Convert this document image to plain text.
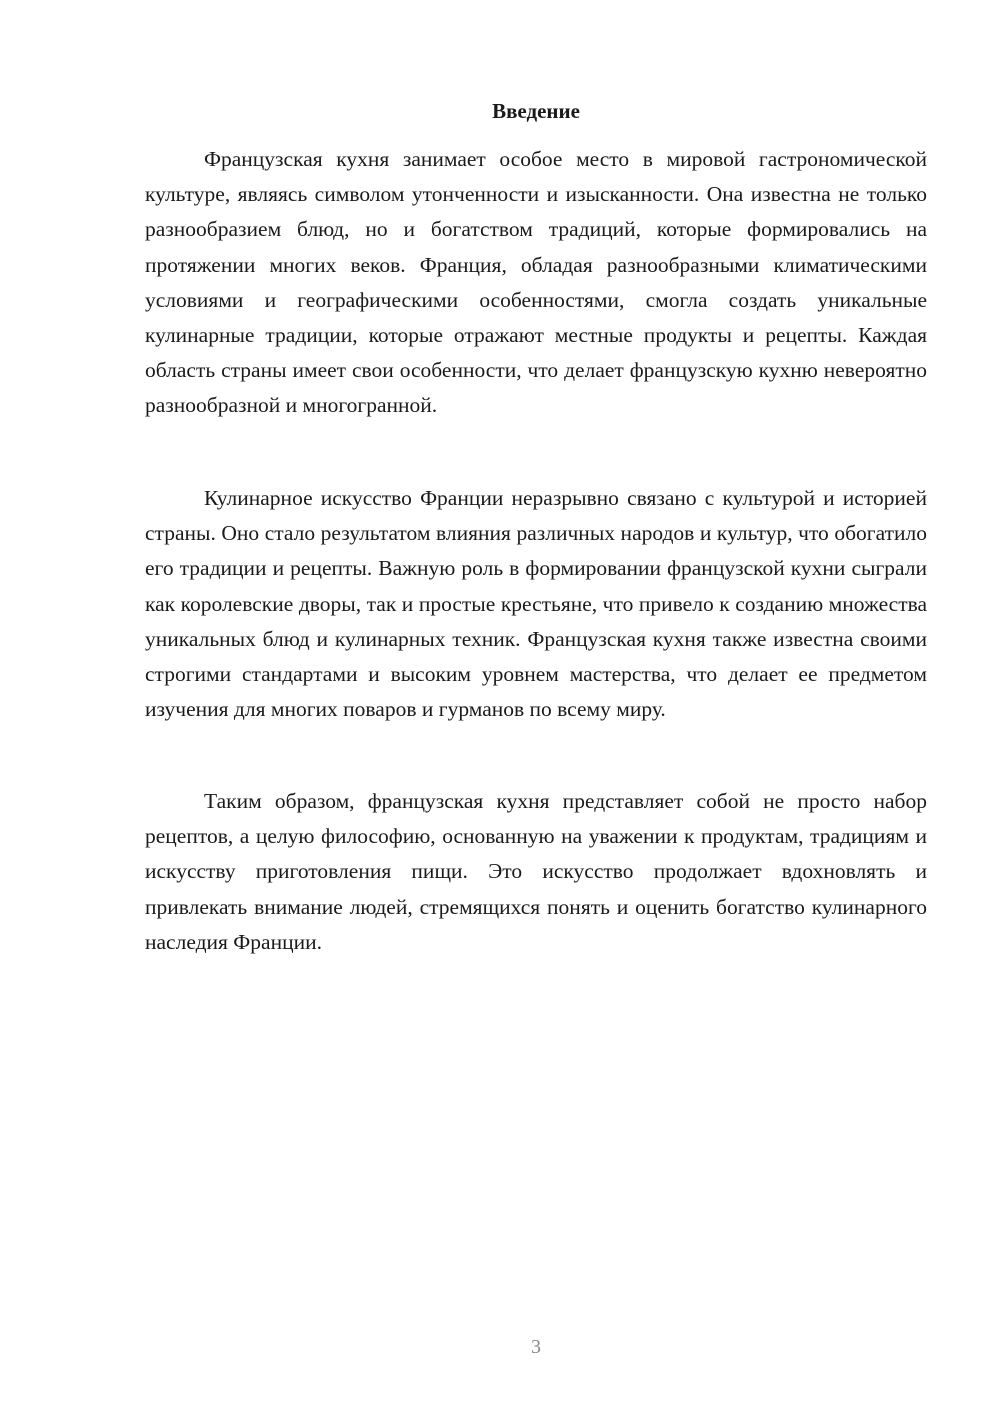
Введение

Французская кухня занимает особое место в мировой гастрономической культуре, являясь символом утонченности и изысканности. Она известна не только разнообразием блюд, но и богатством традиций, которые формировались на протяжении многих веков. Франция, обладая разнообразными климатическими условиями и географическими особенностями, смогла создать уникальные кулинарные традиции, которые отражают местные продукты и рецепты. Каждая область страны имеет свои особенности, что делает французскую кухню невероятно разнообразной и многогранной.

Кулинарное искусство Франции неразрывно связано с культурой и историей страны. Оно стало результатом влияния различных народов и культур, что обогатило его традиции и рецепты. Важную роль в формировании французской кухни сыграли как королевские дворы, так и простые крестьяне, что привело к созданию множества уникальных блюд и кулинарных техник. Французская кухня также известна своими строгими стандартами и высоким уровнем мастерства, что делает ее предметом изучения для многих поваров и гурманов по всему миру.

Таким образом, французская кухня представляет собой не просто набор рецептов, а целую философию, основанную на уважении к продуктам, традициям и искусству приготовления пищи. Это искусство продолжает вдохновлять и привлекать внимание людей, стремящихся понять и оценить богатство кулинарного наследия Франции.

3
